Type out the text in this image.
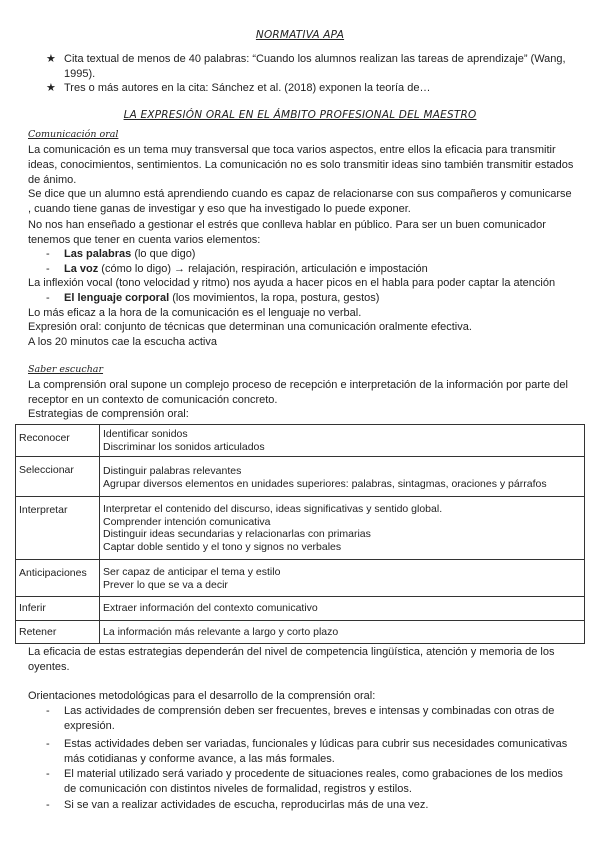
NORMATIVA APA
★ Cita textual de menos de 40 palabras: “Cuando los alumnos realizan las tareas de aprendizaje” (Wang, 1995).
★ Tres o más autores en la cita: Sánchez et al. (2018) exponen la teoría de…
LA EXPRESIÓN ORAL EN EL ÁMBITO PROFESIONAL DEL MAESTRO
Comunicación oral
La comunicación es un tema muy transversal que toca varios aspectos, entre ellos la eficacia para transmitir ideas, conocimientos, sentimientos. La comunicación no es solo transmitir ideas sino también transmitir estados de ánimo.
Se dice que un alumno está aprendiendo cuando es capaz de relacionarse con sus compañeros y comunicarse , cuando tiene ganas de investigar y eso que ha investigado lo puede exponer.
No nos han enseñado a gestionar el estrés que conlleva hablar en público. Para ser un buen comunicador tenemos que tener en cuenta varios elementos:
-	Las palabras (lo que digo)
-	La voz (cómo lo digo) → relajación, respiración, articulación e impostación
La inflexión vocal (tono velocidad y ritmo) nos ayuda a hacer picos en el habla para poder captar la atención
-	El lenguaje corporal (los movimientos, la ropa, postura, gestos)
Lo más eficaz a la hora de la comunicación es el lenguaje no verbal.
Expresión oral: conjunto de técnicas que determinan una comunicación oralmente efectiva.
A los 20 minutos cae la escucha activa
Saber escuchar
La comprensión oral supone un complejo proceso de recepción e interpretación de la información por parte del receptor en un contexto de comunicación concreto.
Estrategias de comprensión oral:
Reconocer	Identificar sonidos
Discriminar los sonidos articulados

Seleccionar	Distinguir palabras relevantes
Agrupar diversos elementos en unidades superiores: palabras, sintagmas, oraciones y párrafos

Interpretar	Interpretar el contenido del discurso, ideas significativas y sentido global.
Comprender intención comunicativa
Distinguir ideas secundarias y relacionarlas con primarias
Captar doble sentido y el tono y signos no verbales

Anticipaciones	Ser capaz de anticipar el tema y estilo
Prever lo que se va a decir

Inferir	Extraer información del contexto comunicativo

Retener	La información más relevante a largo y corto plazo
La eficacia de estas estrategias dependerán del nivel de competencia lingüística, atención y memoria de los oyentes.
Orientaciones metodológicas para el desarrollo de la comprensión oral:
-	Las actividades de comprensión deben ser frecuentes, breves e intensas y combinadas con otras de expresión.
-	Estas actividades deben ser variadas, funcionales y lúdicas para cubrir sus necesidades comunicativas más cotidianas y conforme avance, a las más formales.
-	El material utilizado será variado y procedente de situaciones reales, como grabaciones de los medios de comunicación con distintos niveles de formalidad, registros y estilos.
-	Si se van a realizar actividades de escucha, reproducirlas más de una vez.
